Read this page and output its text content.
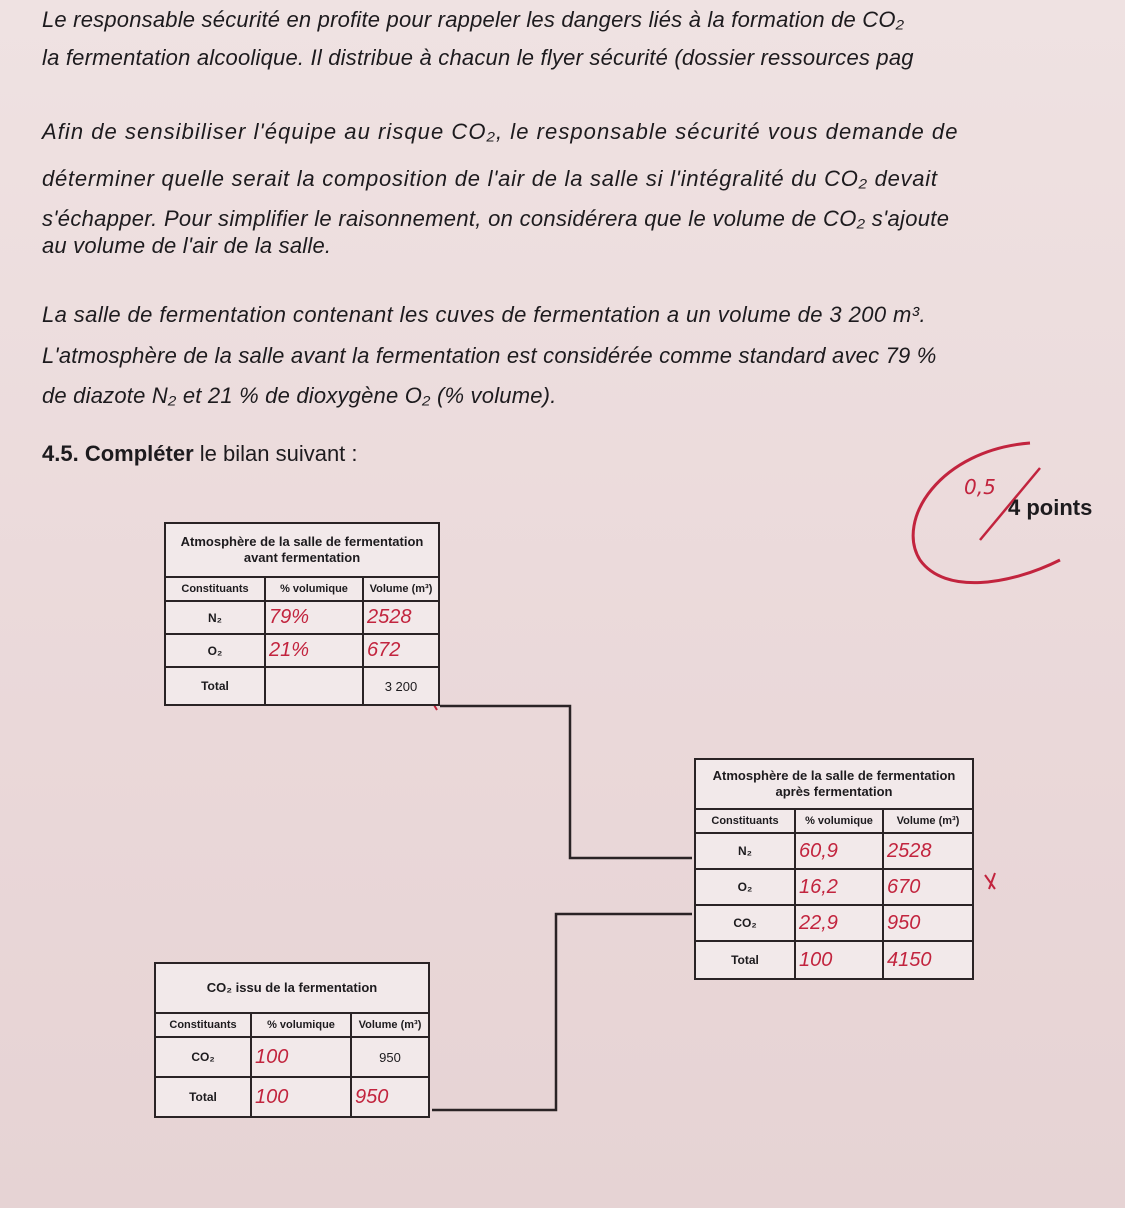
Le responsable sécurité en profite pour rappeler les dangers liés à la formation de CO₂
la fermentation alcoolique. Il distribue à chacun le flyer sécurité (dossier ressources pag
Afin de sensibiliser l'équipe au risque CO₂, le responsable sécurité vous demande de
déterminer quelle serait la composition de l'air de la salle si l'intégralité du CO₂ devait
s'échapper. Pour simplifier le raisonnement, on considérera que le volume de CO₂ s'ajoute
au volume de l'air de la salle.
La salle de fermentation contenant les cuves de fermentation a un volume de 3 200 m³.
L'atmosphère de la salle avant la fermentation est considérée comme standard avec 79 %
de diazote N₂ et 21 % de dioxygène O₂ (% volume).
4.5. Compléter le bilan suivant :
0,5
4 points
Atmosphère de la salle de fermentation avant fermentation		
Constituants	% volumique	Volume (m³)
N₂	79%	2528
O₂	21%	672
Total		3 200
CO₂ issu de la fermentation		
Constituants	% volumique	Volume (m³)
CO₂	100	950
Total	100	950
Atmosphère de la salle de fermentation après fermentation		
Constituants	% volumique	Volume (m³)
N₂	60,9	2528
O₂	16,2	670
CO₂	22,9	950
Total	100	4150
